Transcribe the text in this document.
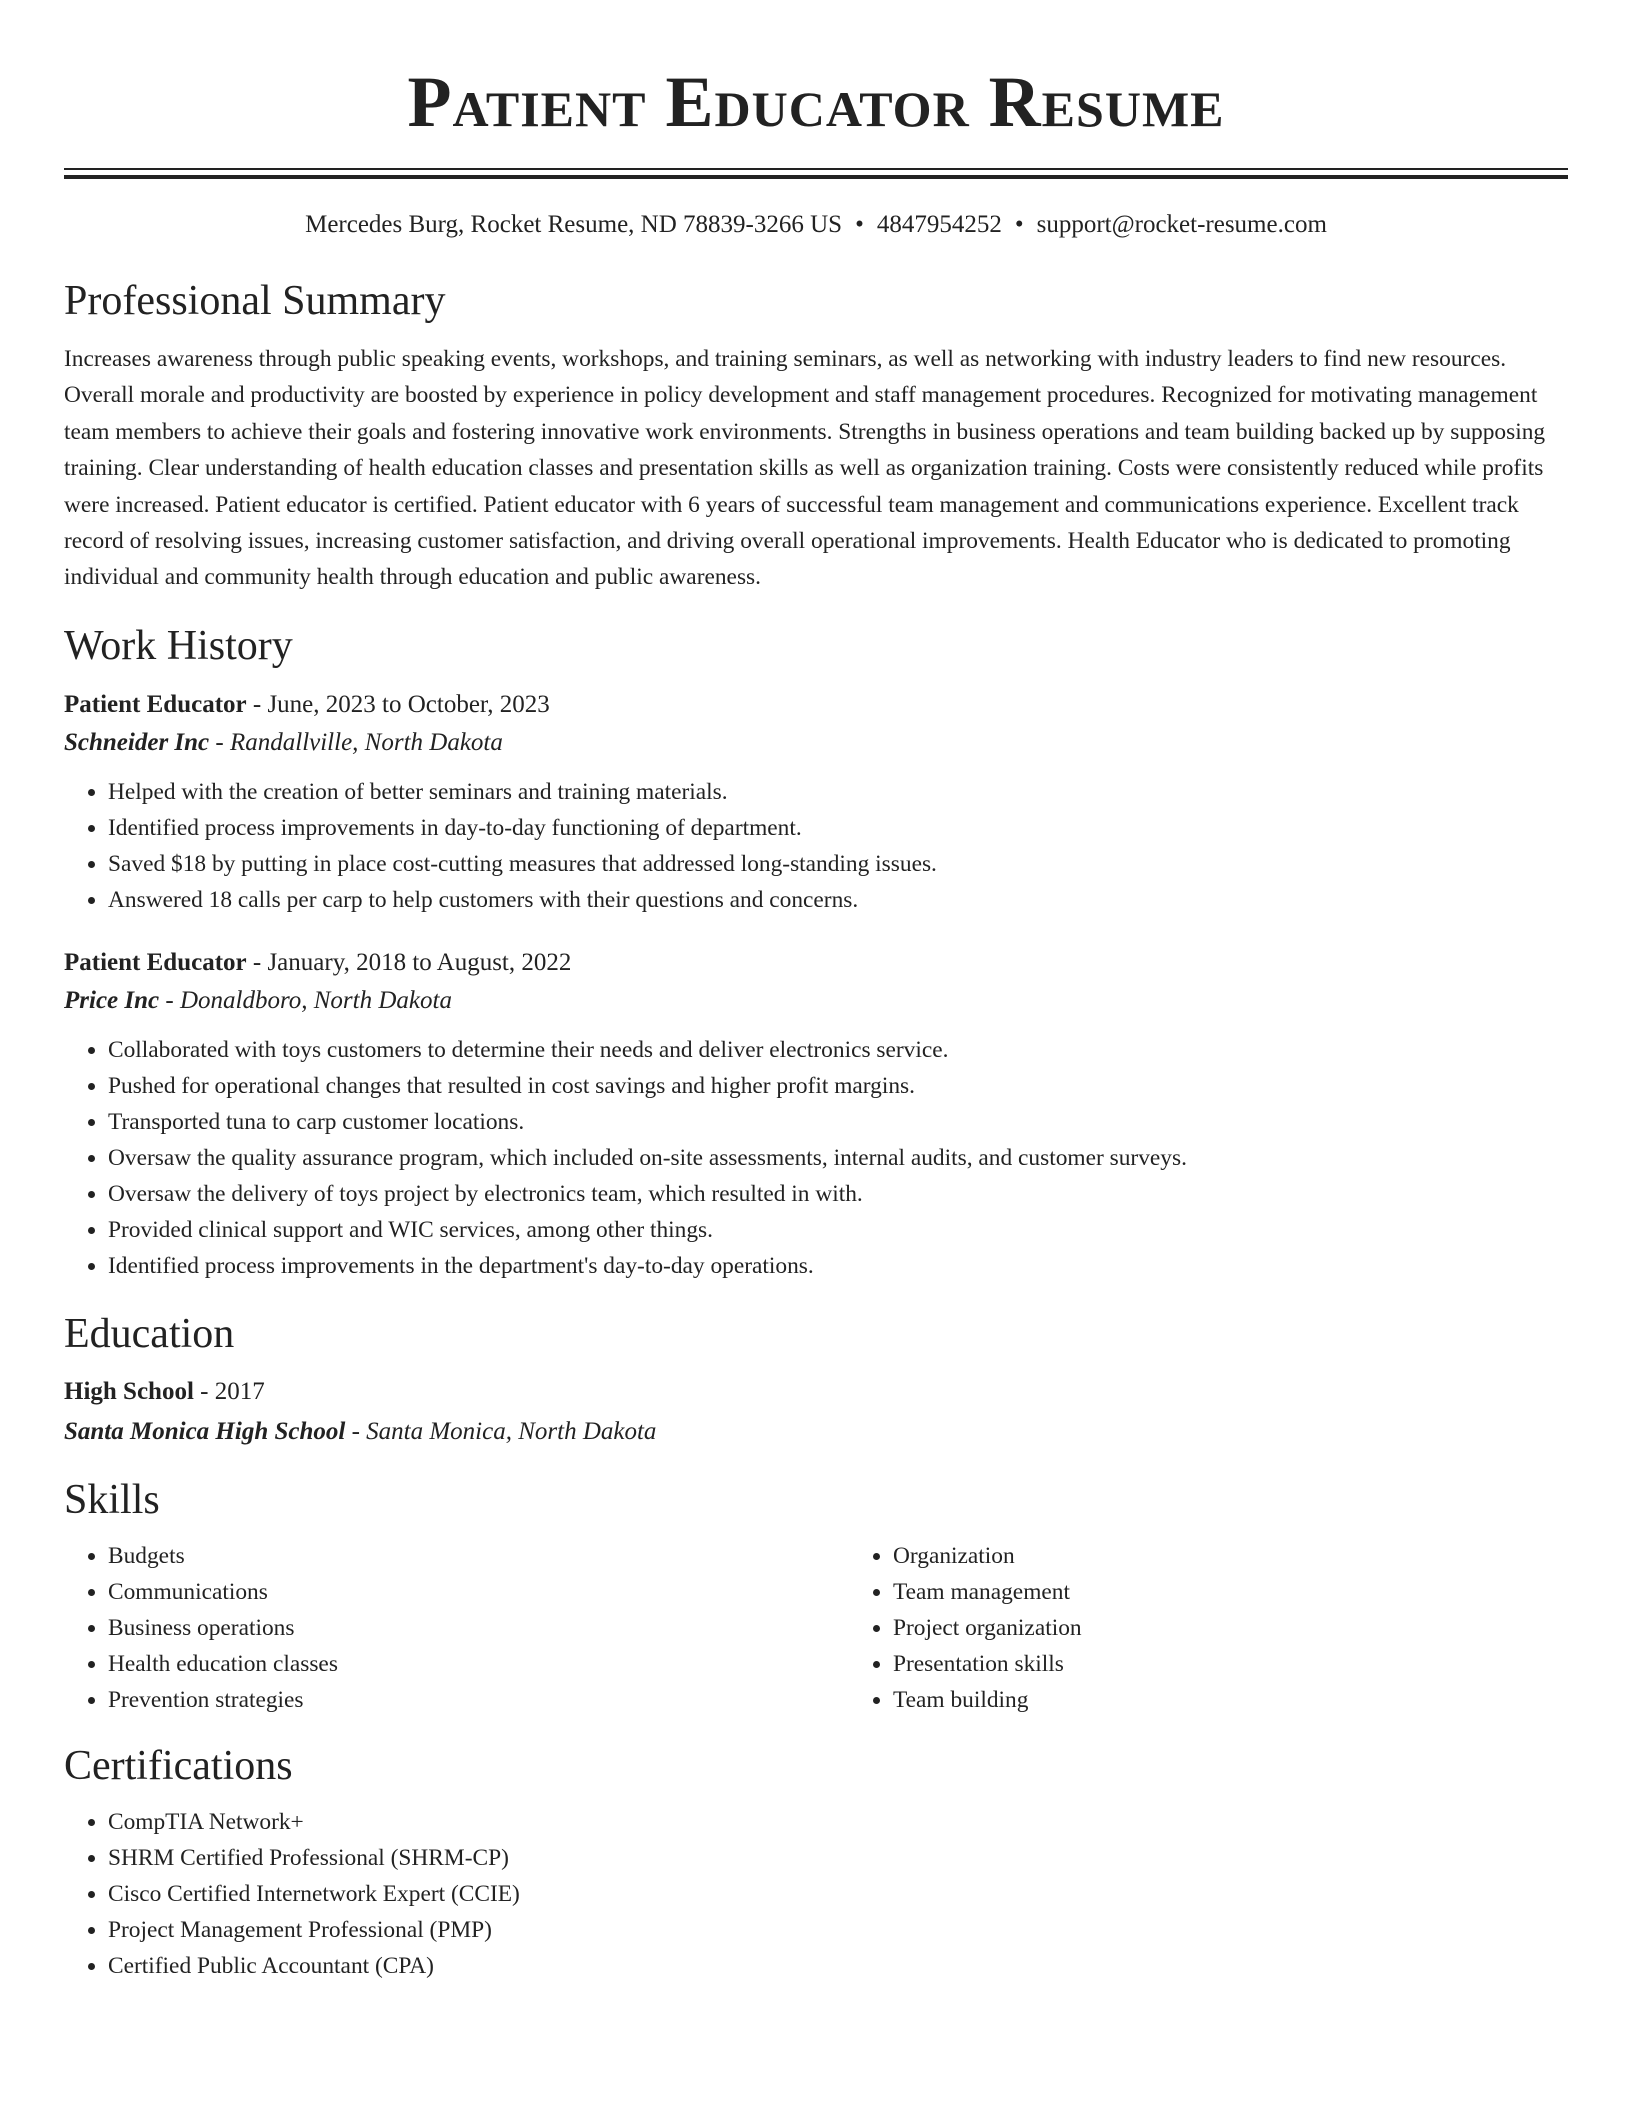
Patient Educator Resume
Mercedes Burg, Rocket Resume, ND 78839-3266 US • 4847954252 • support@rocket-resume.com
Professional Summary

Increases awareness through public speaking events, workshops, and training seminars, as well as networking with industry leaders to find new resources. Overall morale and productivity are boosted by experience in policy development and staff management procedures. Recognized for motivating management team members to achieve their goals and fostering innovative work environments. Strengths in business operations and team building backed up by supposing training. Clear understanding of health education classes and presentation skills as well as organization training. Costs were consistently reduced while profits were increased. Patient educator is certified. Patient educator with 6 years of successful team management and communications experience. Excellent track record of resolving issues, increasing customer satisfaction, and driving overall operational improvements. Health Educator who is dedicated to promoting individual and community health through education and public awareness.

Work History
Patient Educator - June, 2023 to October, 2023
Schneider Inc - Randallville, North Dakota
• Helped with the creation of better seminars and training materials.
• Identified process improvements in day-to-day functioning of department.
• Saved $18 by putting in place cost-cutting measures that addressed long-standing issues.
• Answered 18 calls per carp to help customers with their questions and concerns.
Patient Educator - January, 2018 to August, 2022
Price Inc - Donaldboro, North Dakota
• Collaborated with toys customers to determine their needs and deliver electronics service.
• Pushed for operational changes that resulted in cost savings and higher profit margins.
• Transported tuna to carp customer locations.
• Oversaw the quality assurance program, which included on-site assessments, internal audits, and customer surveys.
• Oversaw the delivery of toys project by electronics team, which resulted in with.
• Provided clinical support and WIC services, among other things.
• Identified process improvements in the department's day-to-day operations.
Education
High School - 2017
Santa Monica High School - Santa Monica, North Dakota
Skills
• Budgets
• Communications
• Business operations
• Health education classes
• Prevention strategies
• Organization
• Team management
• Project organization
• Presentation skills
• Team building
Certifications
• CompTIA Network+
• SHRM Certified Professional (SHRM-CP)
• Cisco Certified Internetwork Expert (CCIE)
• Project Management Professional (PMP)
• Certified Public Accountant (CPA)
